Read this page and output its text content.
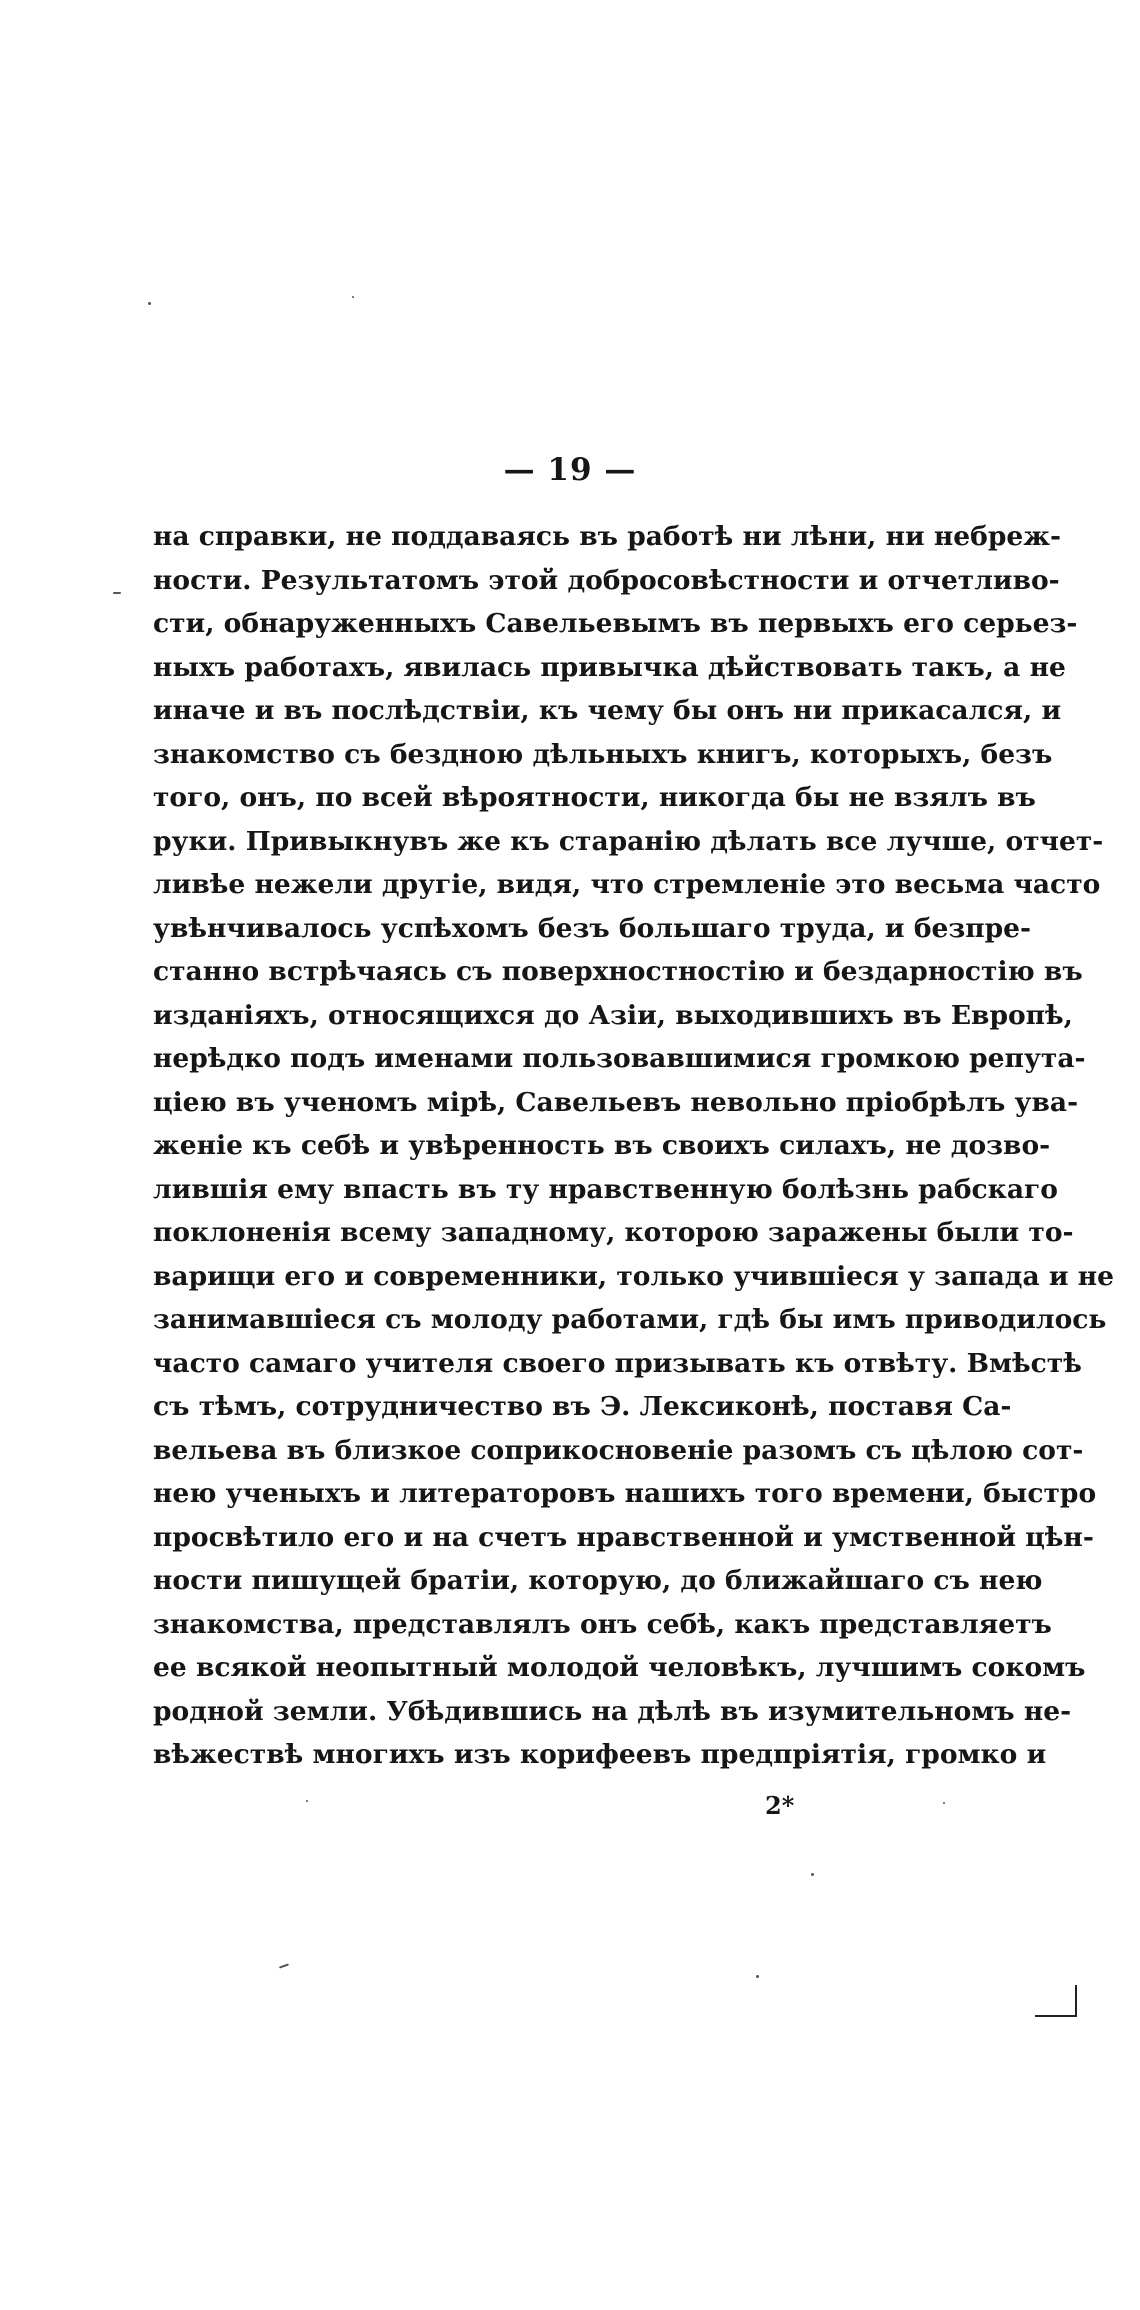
— 19 —
на справки, не поддаваясь въ работѣ ни лѣни, ни небреж-
ности. Результатомъ этой добросовѣстности и отчетливо-
сти, обнаруженныхъ Савельевымъ въ первыхъ его серьез-
ныхъ работахъ, явилась привычка дѣйствовать такъ, а не
иначе и въ послѣдствіи, къ чему бы онъ ни прикасался, и
знакомство съ бездною дѣльныхъ книгъ, которыхъ, безъ
того, онъ, по всей вѣроятности, никогда бы не взялъ въ
руки. Привыкнувъ же къ старанію дѣлать все лучше, отчет-
ливѣе нежели другіе, видя, что стремленіе это весьма часто
увѣнчивалось успѣхомъ безъ большаго труда, и безпре-
станно встрѣчаясь съ поверхностностію и бездарностію въ
изданіяхъ, относящихся до Азіи, выходившихъ въ Европѣ,
нерѣдко подъ именами пользовавшимися громкою репута-
ціею въ ученомъ мірѣ, Савельевъ невольно пріобрѣлъ ува-
женіе къ себѣ и увѣренность въ своихъ силахъ, не дозво-
лившія ему впасть въ ту нравственную болѣзнь рабскаго
поклоненія всему западному, которою заражены были то-
варищи его и современники, только учившіеся у запада и не
занимавшіеся съ молоду работами, гдѣ бы имъ приводилось
часто самаго учителя своего призывать къ отвѣту. Вмѣстѣ
съ тѣмъ, сотрудничество въ Э. Лексиконѣ, поставя Са-
вельева въ близкое соприкосновеніе разомъ съ цѣлою сот-
нею ученыхъ и литераторовъ нашихъ того времени, быстро
просвѣтило его и на счетъ нравственной и умственной цѣн-
ности пишущей братіи, которую, до ближайшаго съ нею
знакомства, представлялъ онъ себѣ, какъ представляетъ
ее всякой неопытный молодой человѣкъ, лучшимъ сокомъ
родной земли. Убѣдившись на дѣлѣ въ изумительномъ не-
вѣжествѣ многихъ изъ корифеевъ предпріятія, громко и
2*
